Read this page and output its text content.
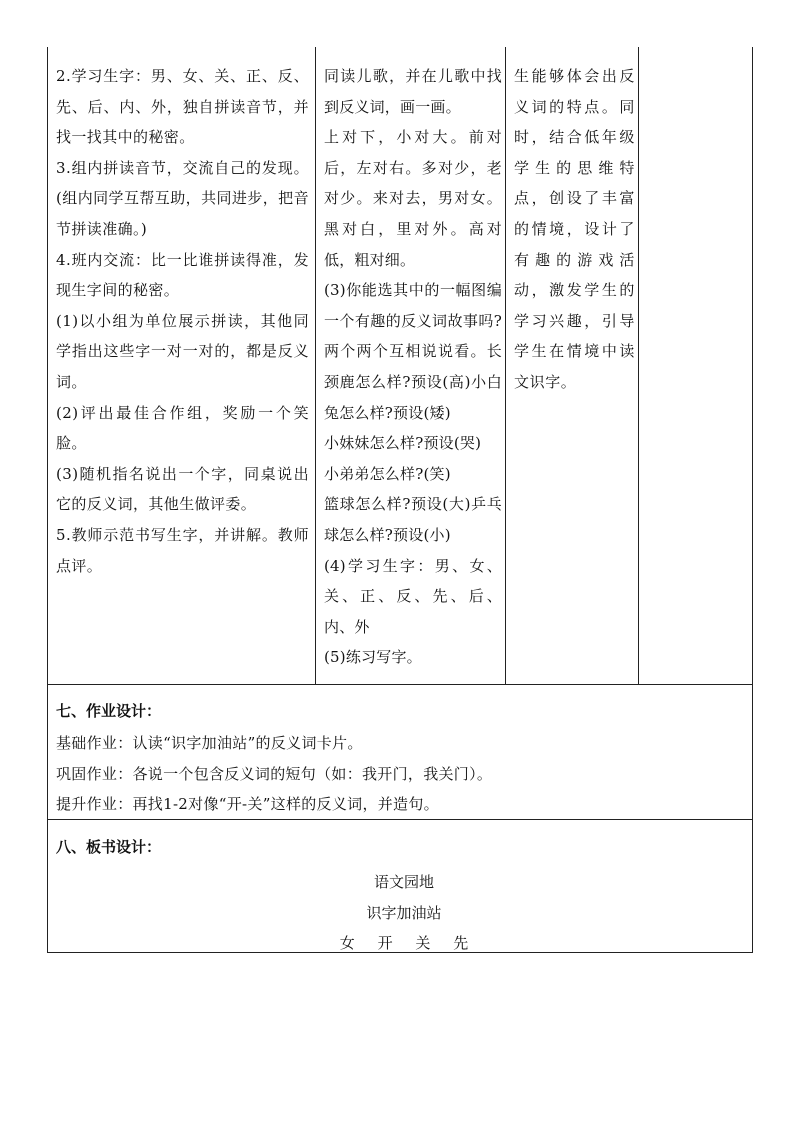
2.学习生字：男、女、关、正、反、先、后、内、外，独自拼读音节，并找一找其中的秘密。

3.组内拼读音节，交流自己的发现。(组内同学互帮互助，共同进步，把音节拼读准确。)

4.班内交流：比一比谁拼读得准，发现生字间的秘密。

(1)以小组为单位展示拼读，其他同学指出这些字一对一对的，都是反义词。

(2)评出最佳合作组，奖励一个笑脸。

(3)随机指名说出一个字，同桌说出它的反义词，其他生做评委。

5.教师示范书写生字，并讲解。教师点评。

同读儿歌，并在儿歌中找到反义词，画一画。

上对下，小对大。前对后，左对右。多对少，老对少。来对去，男对女。黑对白，里对外。高对低，粗对细。

(3)你能选其中的一幅图编一个有趣的反义词故事吗?两个两个互相说说看。长颈鹿怎么样?预设(高)小白兔怎么样?预设(矮)

小妹妹怎么样?预设(哭)

小弟弟怎么样?(笑)

篮球怎么样?预设(大)乒乓球怎么样?预设(小)

(4)学习生字：男、女、关、正、反、先、后、内、外

(5)练习写字。

生能够体会出反义词的特点。同时，结合低年级学生的思维特点，创设了丰富的情境，设计了有趣的游戏活动，激发学生的学习兴趣，引导学生在情境中读文识字。

七、作业设计：

基础作业：认读“识字加油站”的反义词卡片。

巩固作业：各说一个包含反义词的短句（如：我开门，我关门）。

提升作业：再找1-2对像“开-关”这样的反义词，并造句。

八、板书设计：

语文园地

识字加油站

女 开 关 先
